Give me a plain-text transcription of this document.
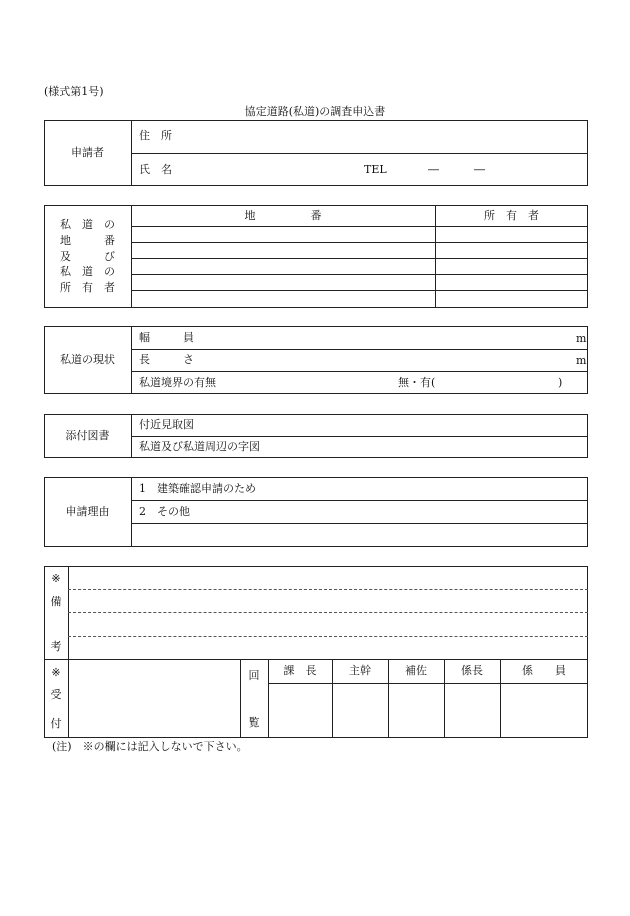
(様式第1号)
協定道路(私道)の調査申込書
申請者
住　所
氏　名	TEL	―	―
地　　　　　番	所　有　者
私　道　の
地　　　番
及　　　び
私　道　の
所　有　者
私道の現状
幅　　　員	m
長　　　さ	m
私道境界の有無	無・有(	)
添付図書
付近見取図
私道及び私道周辺の字図
申請理由
1　建築確認申請のため
2　その他
※
備
考
※
受
付
回
覧
課　長	主幹	補佐	係長	係　　員
(注)　※の欄には記入しないで下さい。
